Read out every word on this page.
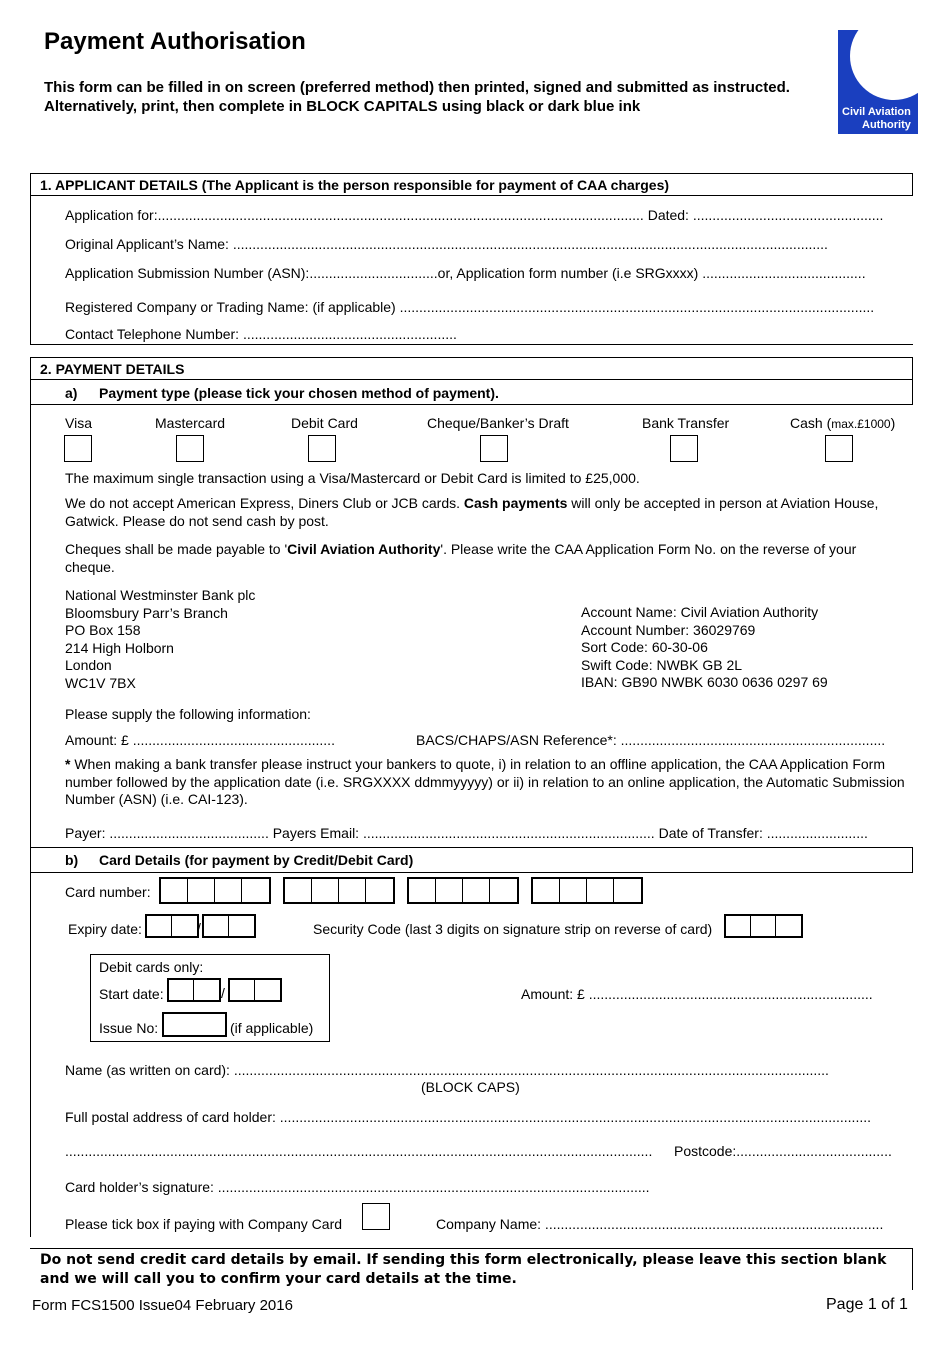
Payment Authorisation
This form can be filled in on screen (preferred method) then printed, signed and submitted as instructed. Alternatively, print, then complete in BLOCK CAPITALS using black or dark blue ink	Civil Aviation
Authority
1. APPLICANT DETAILS (The Applicant is the person responsible for payment of CAA charges)
Application for:............................................................................................................................. Dated: .................................................
Original Applicant’s Name: .........................................................................................................................................................
Application Submission Number (ASN):.................................or, Application form number (i.e SRGxxxx) ..........................................
Registered Company or Trading Name: (if applicable) ..........................................................................................................................
Contact Telephone Number: .......................................................
2. PAYMENT DETAILS
a) Payment type (please tick your chosen method of payment).
Visa	Mastercard	Debit Card	Cheque/Banker’s Draft	Bank Transfer	Cash (max.£1000)
The maximum single transaction using a Visa/Mastercard or Debit Card is limited to £25,000.
We do not accept American Express, Diners Club or JCB cards. Cash payments will only be accepted in person at Aviation House, Gatwick. Please do not send cash by post.
Cheques shall be made payable to 'Civil Aviation Authority'. Please write the CAA Application Form No. on the reverse of your cheque.
National Westminster Bank plc
Bloomsbury Parr’s Branch
PO Box 158
214 High Holborn
London
WC1V 7BX
Account Name: Civil Aviation Authority
Account Number: 36029769
Sort Code: 60-30-06
Swift Code: NWBK GB 2L
IBAN: GB90 NWBK 6030 0636 0297 69
Please supply the following information:
Amount: £ ....................................................	BACS/CHAPS/ASN Reference*: ....................................................................
* When making a bank transfer please instruct your bankers to quote, i) in relation to an offline application, the CAA Application Form number followed by the application date (i.e. SRGXXXX ddmmyyyyy) or ii) in relation to an online application, the Automatic Submission Number (ASN) (i.e. CAI-123).
Payer: ......................................... Payers Email: ........................................................................... Date of Transfer: ..........................
b) Card Details (for payment by Credit/Debit Card)
Card number:
Expiry date:	/	Security Code (last 3 digits on signature strip on reverse of card)
Debit cards only:
Start date:	/
Issue No:	(if applicable)
Amount: £ .........................................................................
Name (as written on card): .........................................................................................................................................................
(BLOCK CAPS)
Full postal address of card holder: ........................................................................................................................................................
....................................................................................................................................................... Postcode:........................................
Card holder’s signature: ...............................................................................................................
Please tick box if paying with Company Card	Company Name: .......................................................................................
Do not send credit card details by email. If sending this form electronically, please leave this section blank and we will call you to confirm your card details at the time.
Form FCS1500 Issue04 February 2016	Page 1 of 1
